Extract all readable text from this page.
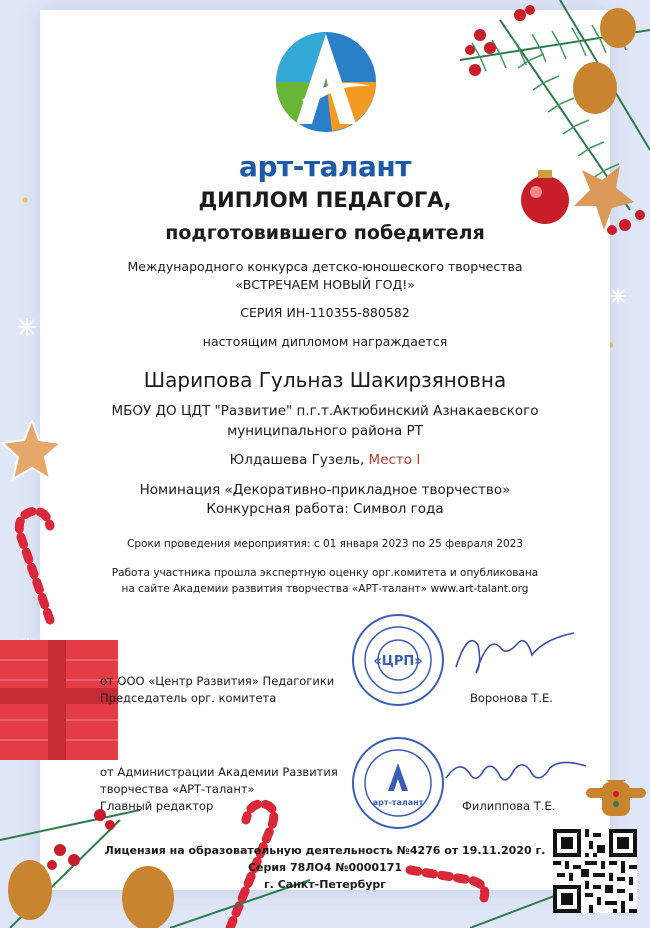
арт-талант
ДИПЛОМ ПЕДАГОГА,
подготовившего победителя
Международного конкурса детско-юношеского творчества
«ВСТРЕЧАЕМ НОВЫЙ ГОД!»
СЕРИЯ ИН-110355-880582
настоящим дипломом награждается
Шарипова Гульназ Шакирзяновна
МБОУ ДО ЦДТ "Развитие" п.г.т.Актюбинский Азнакаевского
муниципального района РТ
Юлдашева Гузель, Место I
Номинация «Декоративно-прикладное творчество»
Конкурсная работа: Символ года
Сроки проведения мероприятия: с 01 января 2023 по 25 февраля 2023
Работа участника прошла экспертную оценку орг.комитета и опубликована
на сайте Академии развития творчества «АРТ-талант» www.art-talant.org
от ООО «Центр Развития» Педагогики
Председатель орг. комитета	Воронова Т.Е.
«ЦРП»
от Администрации Академии Развития
творчества «АРТ-талант»
Главный редактор	Филиппова Т.Е.
арт-талант
Лицензия на образовательную деятельность №4276 от 19.11.2020 г.
Серия 78ЛО4 №0000171
г. Санкт-Петербург
